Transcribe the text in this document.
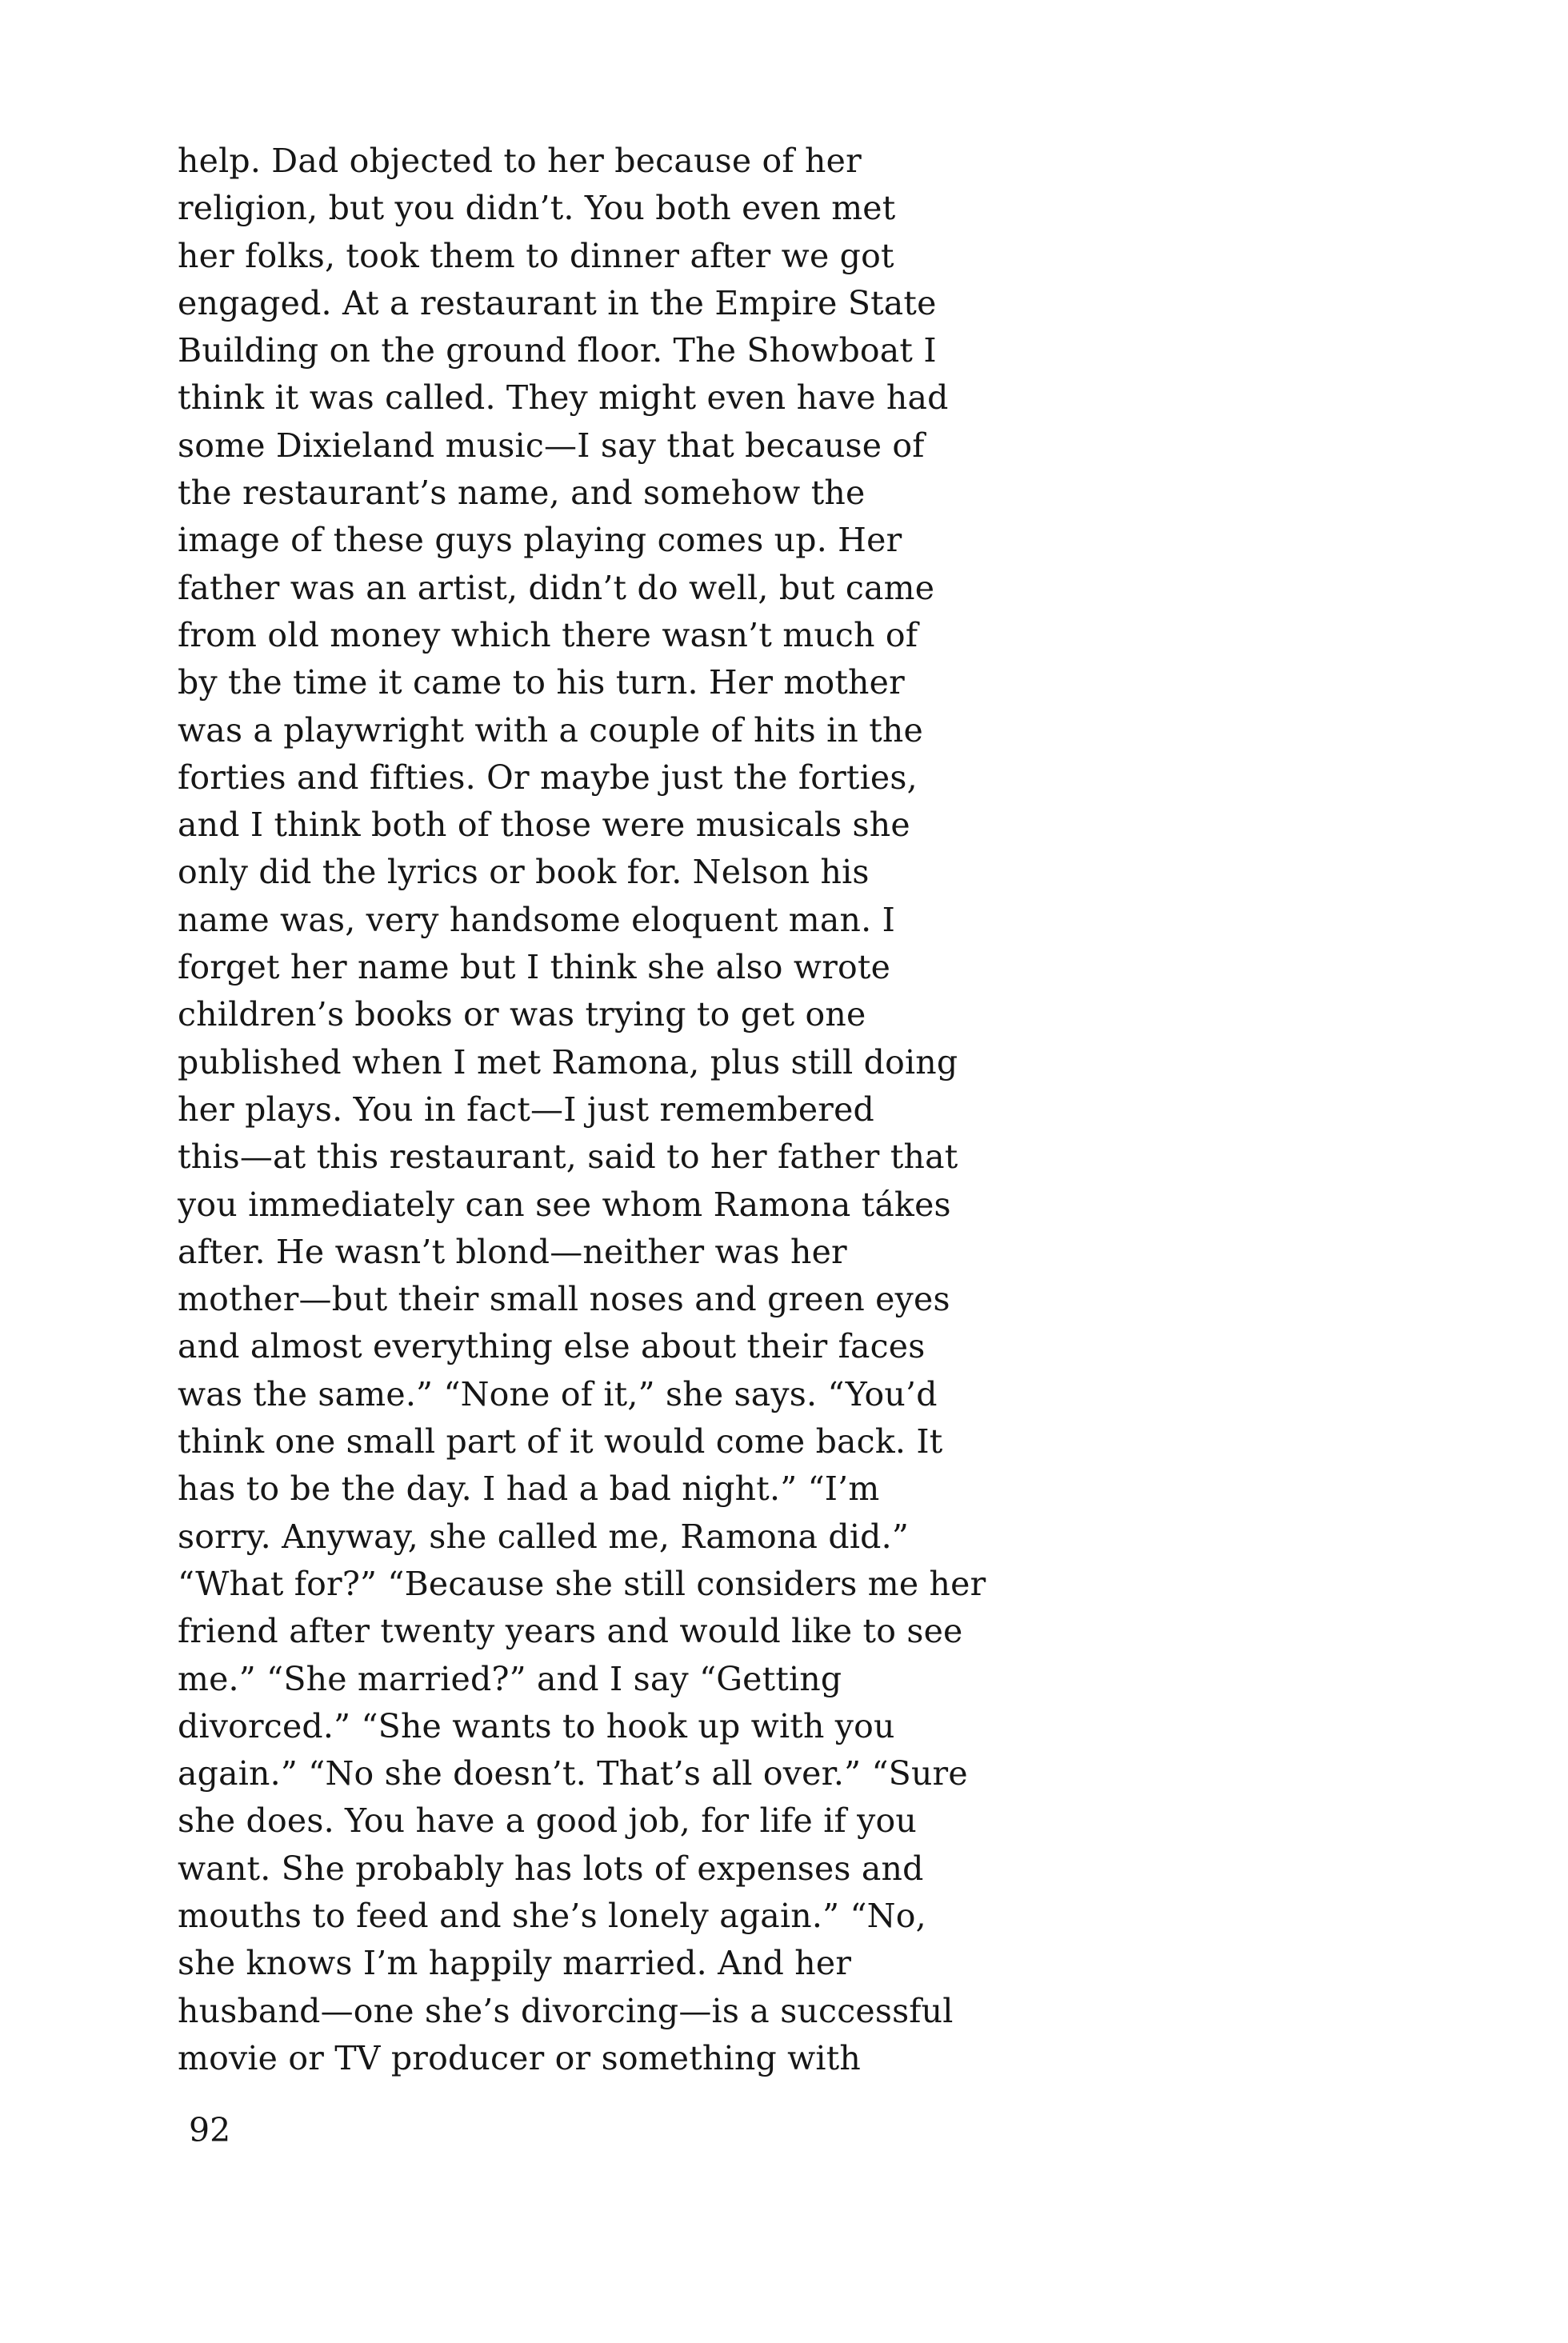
help. Dad objected to her because of her
religion, but you didn’t. You both even met
her folks, took them to dinner after we got
engaged. At a restaurant in the Empire State
Building on the ground floor. The Showboat I
think it was called. They might even have had
some Dixieland music—I say that because of
the restaurant’s name, and somehow the
image of these guys playing comes up. Her
father was an artist, didn’t do well, but came
from old money which there wasn’t much of
by the time it came to his turn. Her mother
was a playwright with a couple of hits in the
forties and fifties. Or maybe just the forties,
and I think both of those were musicals she
only did the lyrics or book for. Nelson his
name was, very handsome eloquent man. I
forget her name but I think she also wrote
children’s books or was trying to get one
published when I met Ramona, plus still doing
her plays. You in fact—I just remembered
this—at this restaurant, said to her father that
you immediately can see whom Ramona tákes
after. He wasn’t blond—neither was her
mother—but their small noses and green eyes
and almost everything else about their faces
was the same.” “None of it,” she says. “You’d
think one small part of it would come back. It
has to be the day. I had a bad night.” “I’m
sorry. Anyway, she called me, Ramona did.”
“What for?” “Because she still considers me her
friend after twenty years and would like to see
me.” “She married?” and I say “Getting
divorced.” “She wants to hook up with you
again.” “No she doesn’t. That’s all over.” “Sure
she does. You have a good job, for life if you
want. She probably has lots of expenses and
mouths to feed and she’s lonely again.” “No,
she knows I’m happily married. And her
husband—one she’s divorcing—is a successful
movie or TV producer or something with
92
